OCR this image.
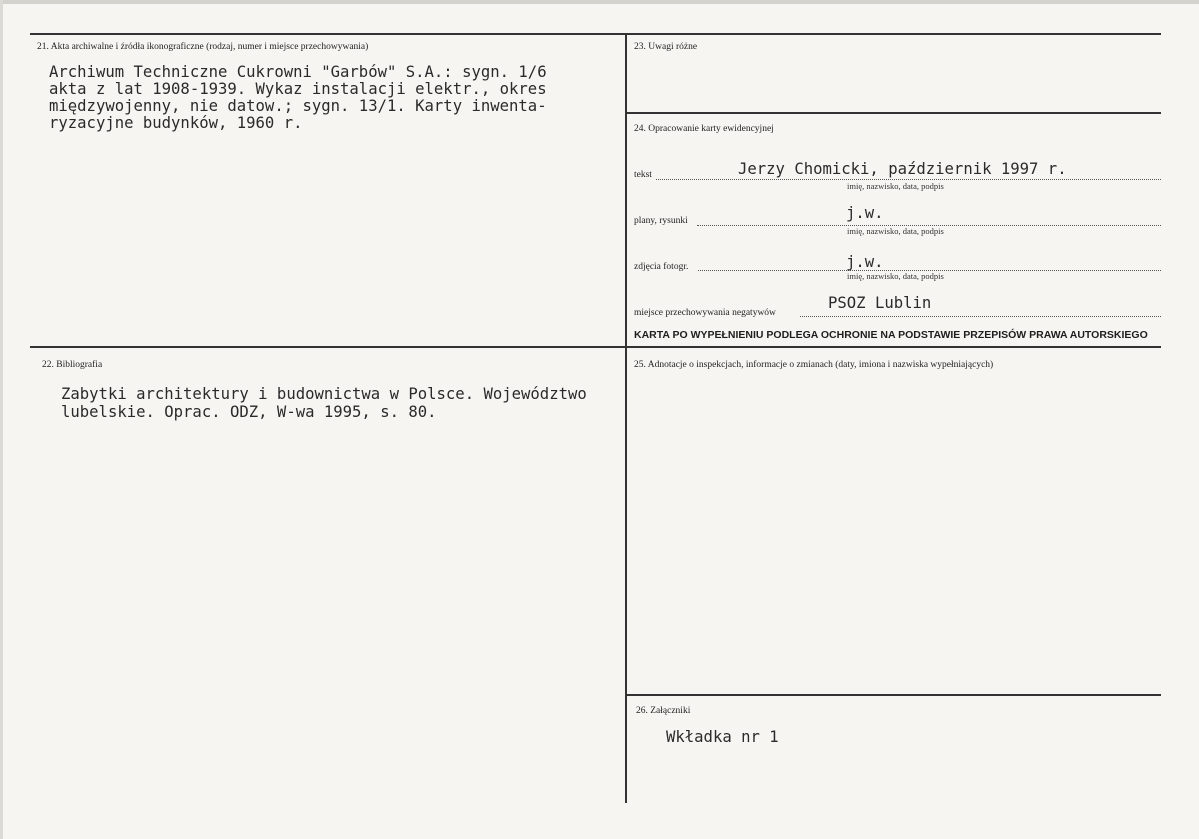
21. Akta archiwalne i źródła ikonograficzne (rodzaj, numer i miejsce przechowywania)
Archiwum Techniczne Cukrowni "Garbów" S.A.: sygn. 1/6
akta z lat 1908-1939. Wykaz instalacji elektr., okres
międzywojenny, nie datow.; sygn. 13/1. Karty inwenta-
ryzacyjne budynków, 1960 r.
22. Bibliografia
Zabytki architektury i budownictwa w Polsce. Województwo
lubelskie. Oprac. ODZ, W-wa 1995, s. 80.
23. Uwagi różne
24. Opracowanie karty ewidencyjnej
tekst	Jerzy Chomicki, październik 1997 r.
imię, nazwisko, data, podpis
plany, rysunki	j.w.
imię, nazwisko, data, podpis
zdjęcia fotogr.	j.w.
imię, nazwisko, data, podpis
miejsce przechowywania negatywów
PSOZ Lublin
KARTA PO WYPEŁNIENIU PODLEGA OCHRONIE NA PODSTAWIE PRZEPISÓW PRAWA AUTORSKIEGO
25. Adnotacje o inspekcjach, informacje o zmianach (daty, imiona i nazwiska wypełniających)
26. Załączniki
Wkładka nr 1
